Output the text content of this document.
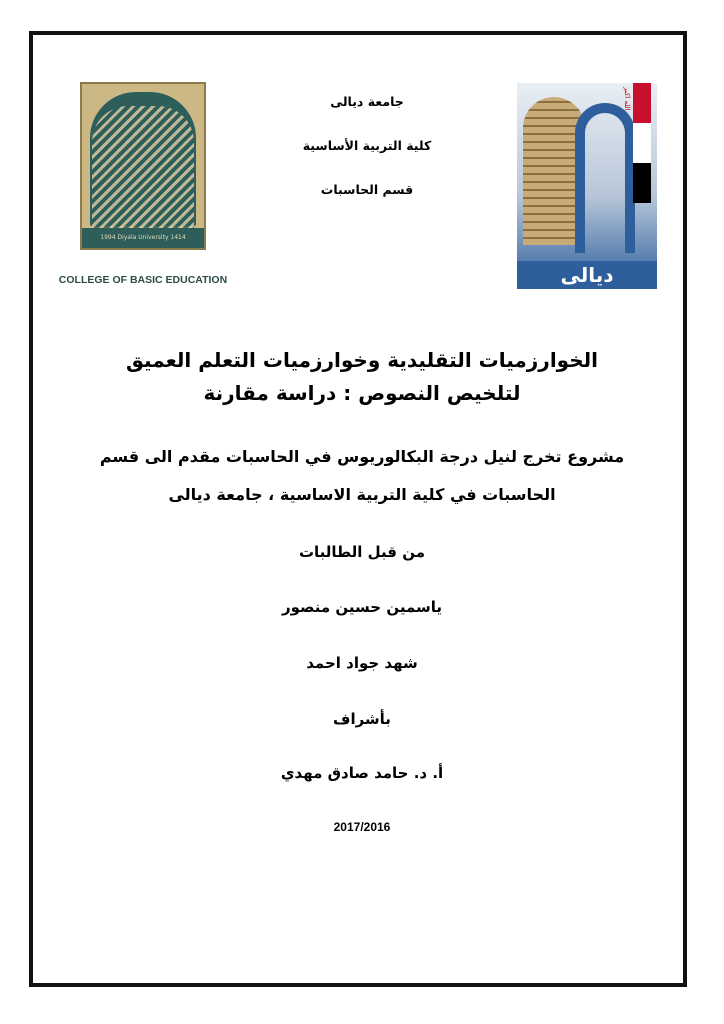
1994 Diyala University 1414
COLLEGE OF BASIC EDUCATION
جامعة ديالى
كلية التربية الأساسية
قسم الحاسبات
الله اكبر
ديالى
الخوارزميات التقليدية وخوارزميات التعلم العميق
لتلخيص النصوص : دراسة مقارنة
مشروع تخرج لنيل درجة البكالوريوس في الحاسبات مقدم الى قسم
الحاسبات في كلية التربية الاساسية ، جامعة ديالى
من قبل الطالبات
ياسمين حسين منصور
شهد جواد احمد
بأشراف
أ. د. حامد صادق مهدي
2017/2016
